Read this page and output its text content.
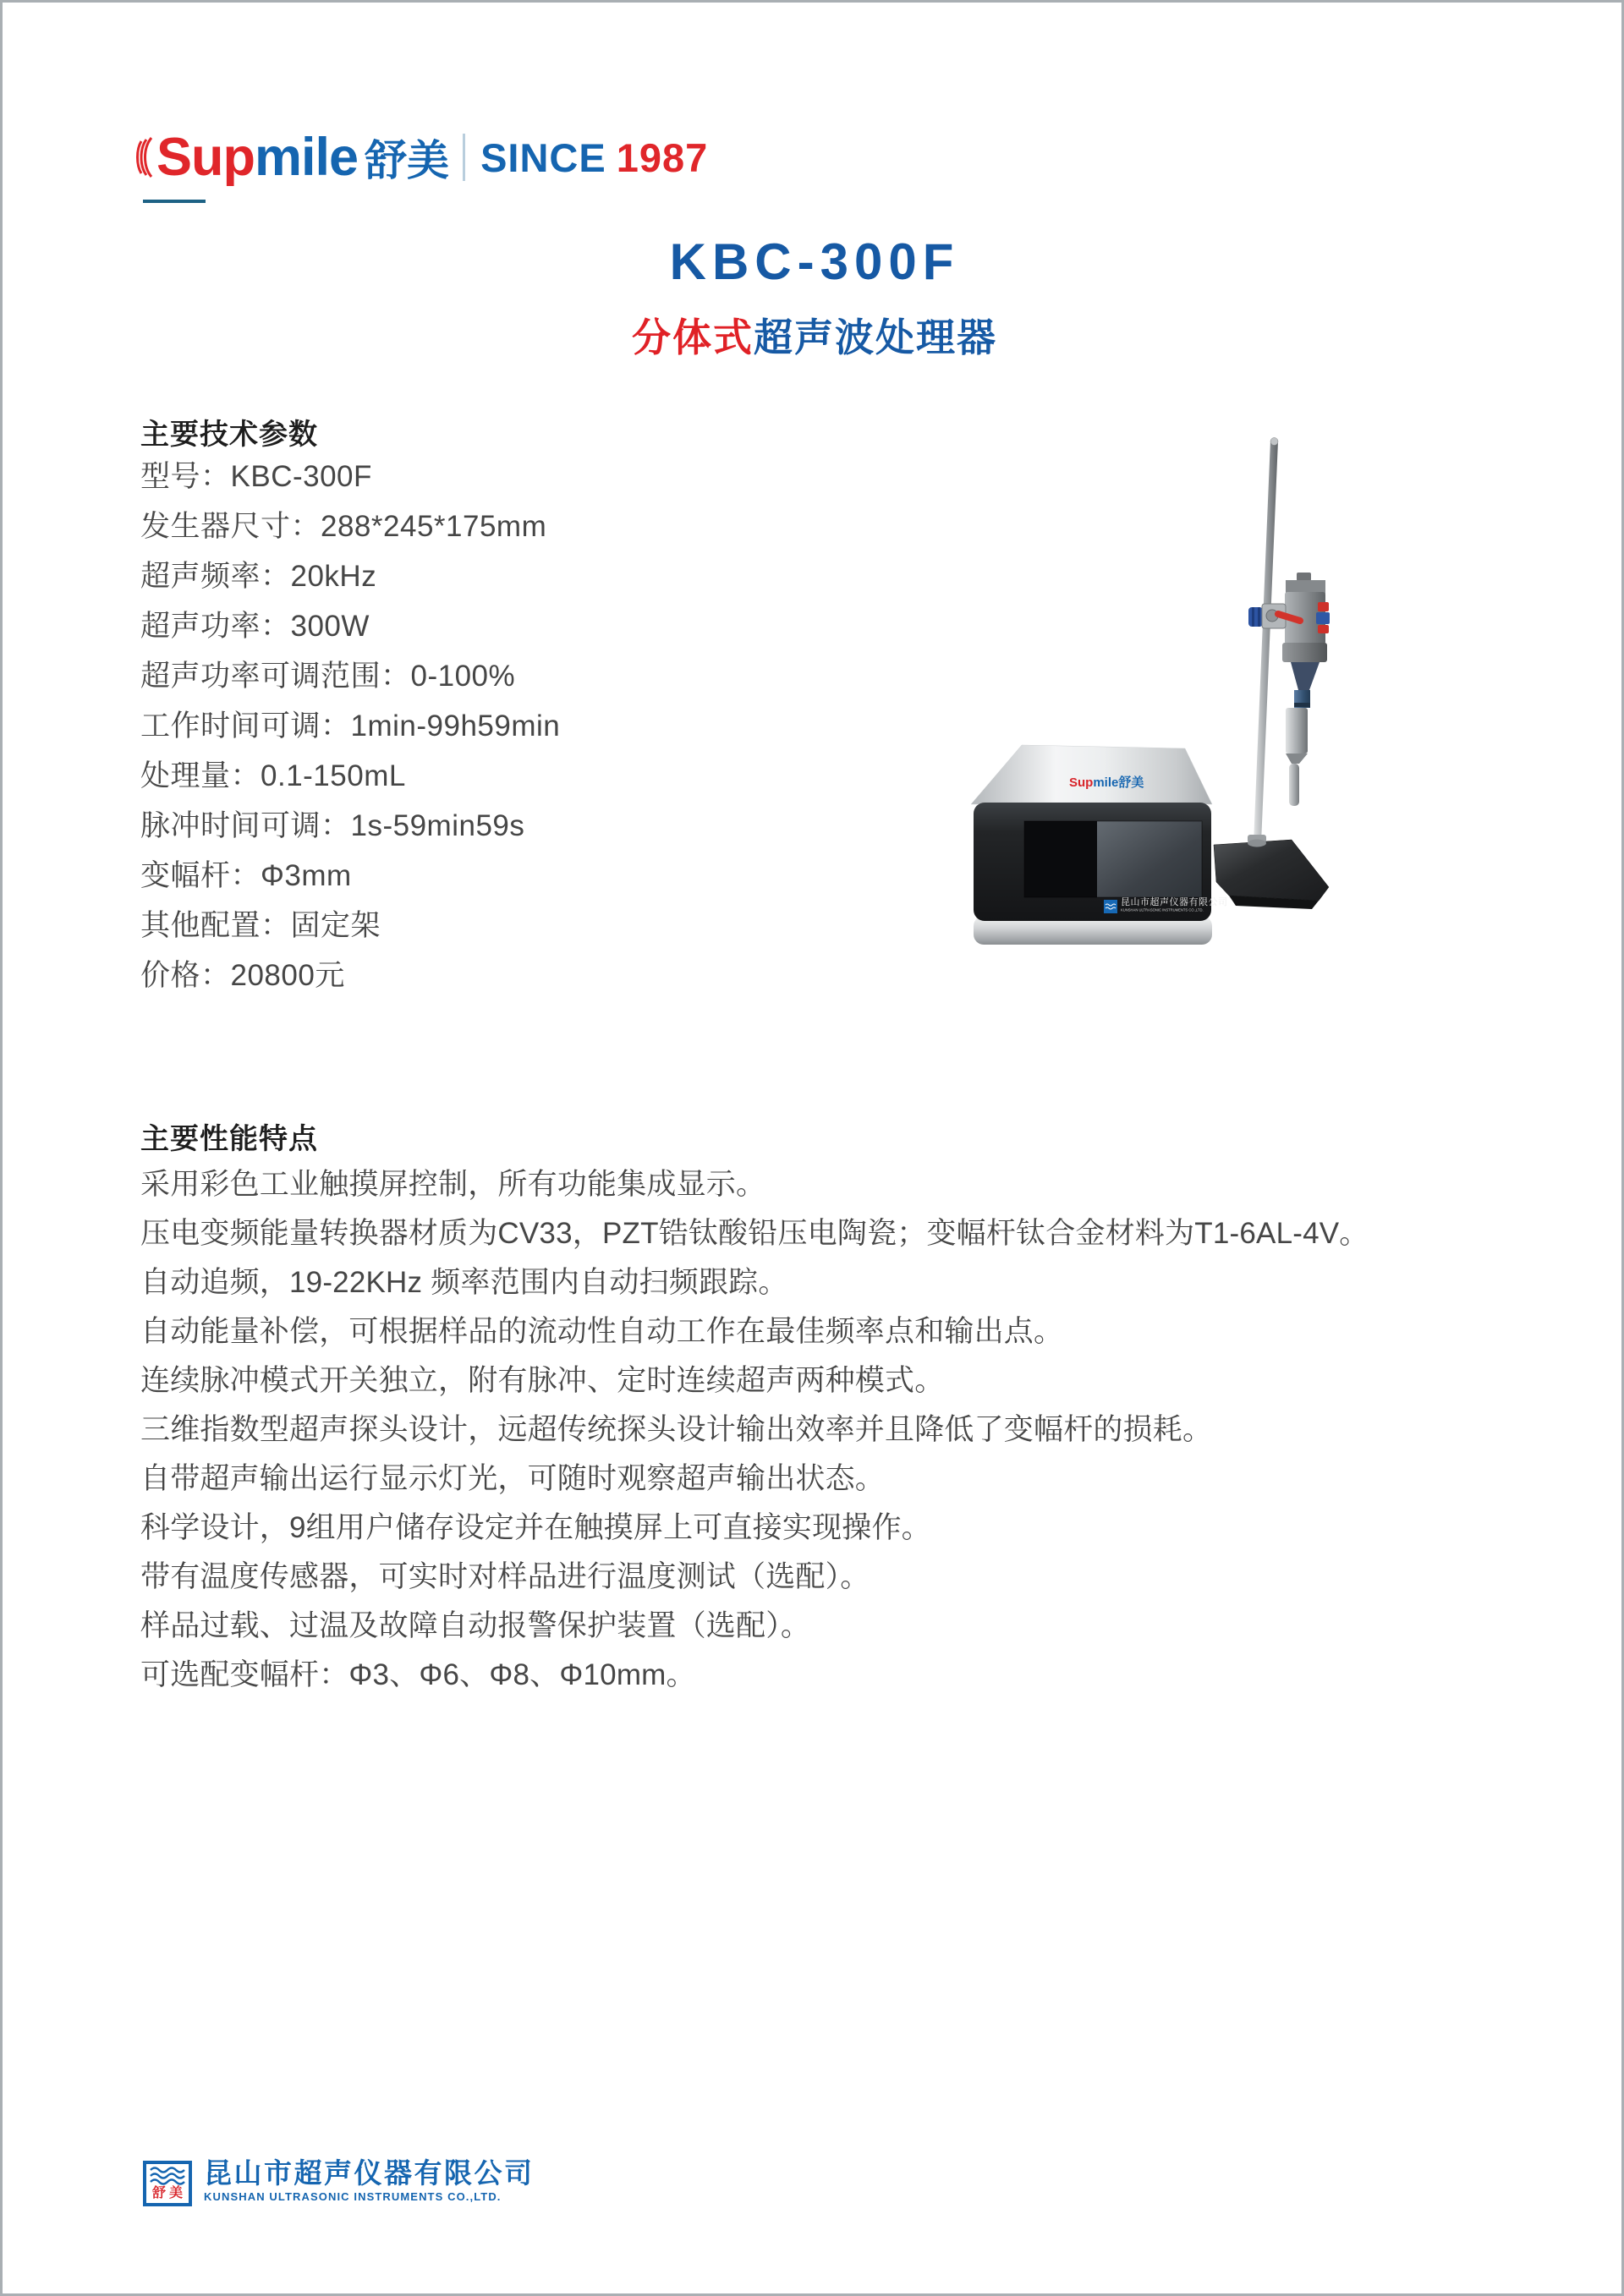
Sup mile 舒美 SINCE 1987
KBC-300F
分体式超声波处理器
主要技术参数
型号：KBC-300F
发生器尺寸：288*245*175mm
超声频率：20kHz
超声功率：300W
超声功率可调范围：0-100%
工作时间可调：1min-99h59min
处理量：0.1-150mL
脉冲时间可调：1s-59min59s
变幅杆：Φ3mm
其他配置：固定架
价格：20800元
主要性能特点
采用彩色工业触摸屏控制，所有功能集成显示。
压电变频能量转换器材质为CV33，PZT锆钛酸铅压电陶瓷；变幅杆钛合金材料为T1-6AL-4V。
自动追频，19-22KHz 频率范围内自动扫频跟踪。
自动能量补偿，可根据样品的流动性自动工作在最佳频率点和输出点。
连续脉冲模式开关独立，附有脉冲、定时连续超声两种模式。
三维指数型超声探头设计，远超传统探头设计输出效率并且降低了变幅杆的损耗。
自带超声输出运行显示灯光，可随时观察超声输出状态。
科学设计，9组用户储存设定并在触摸屏上可直接实现操作。
带有温度传感器，可实时对样品进行温度测试（选配）。
样品过载、过温及故障自动报警保护装置（选配）。
可选配变幅杆：Φ3、Φ6、Φ8、Φ10mm。
Supmile舒美
昆山市超声仪器有限公司
KUNSHAN ULTRASONIC INSTRUMENTS CO.,LTD.
舒美
昆山市超声仪器有限公司
KUNSHAN ULTRASONIC INSTRUMENTS CO.,LTD.
